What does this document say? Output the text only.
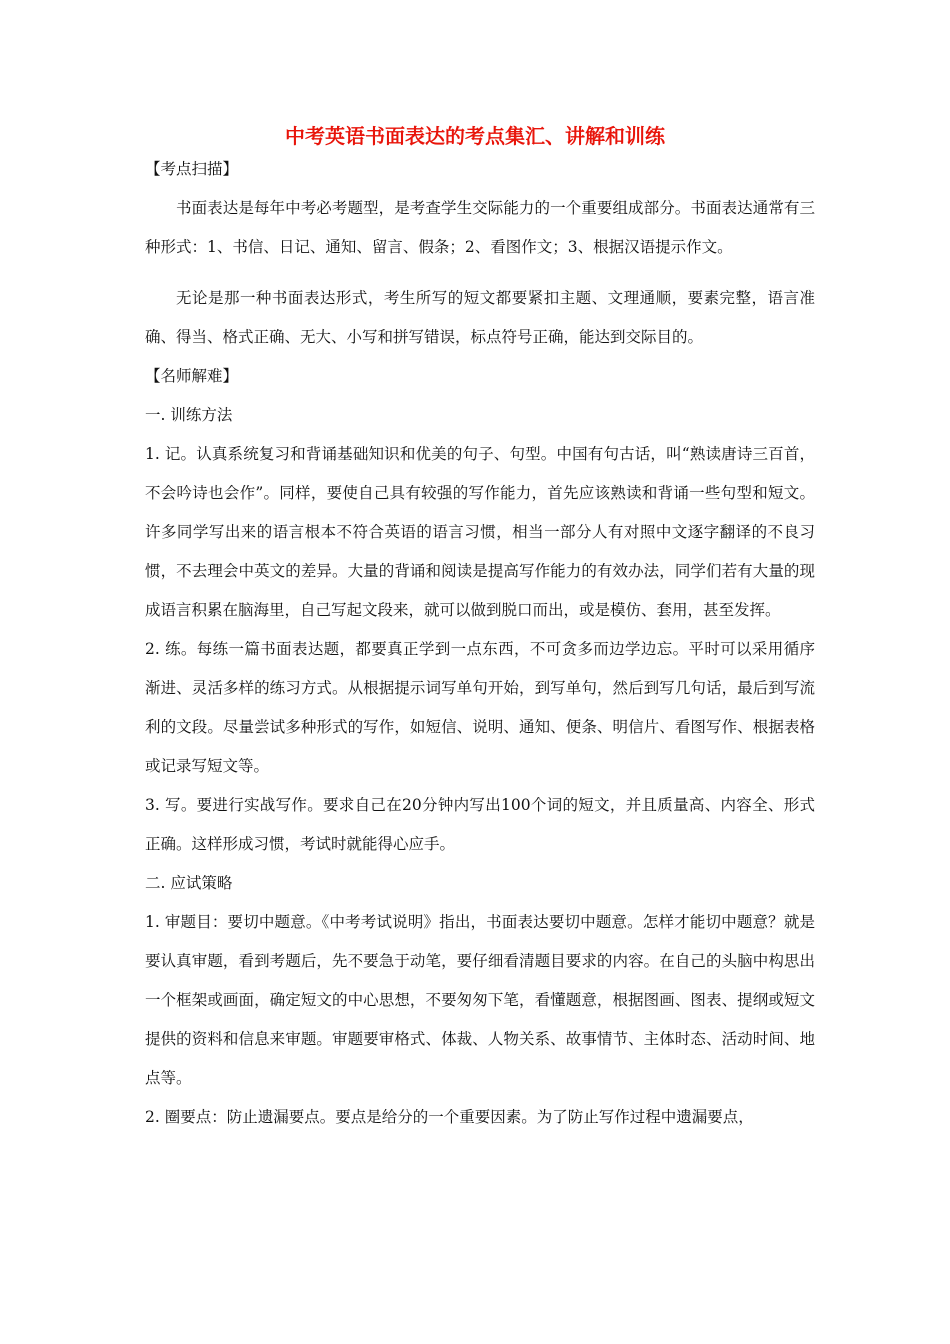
中考英语书面表达的考点集汇、讲解和训练

【考点扫描】

书面表达是每年中考必考题型，是考查学生交际能力的一个重要组成部分。书面表达通常有三种形式：1、书信、日记、通知、留言、假条；2、看图作文；3、根据汉语提示作文。

无论是那一种书面表达形式，考生所写的短文都要紧扣主题、文理通顺，要素完整，语言准确、得当、格式正确、无大、小写和拼写错误，标点符号正确，能达到交际目的。

【名师解难】

一. 训练方法

1. 记。认真系统复习和背诵基础知识和优美的句子、句型。中国有句古话，叫“熟读唐诗三百首，不会吟诗也会作”。同样，要使自己具有较强的写作能力，首先应该熟读和背诵一些句型和短文。许多同学写出来的语言根本不符合英语的语言习惯，相当一部分人有对照中文逐字翻译的不良习惯，不去理会中英文的差异。大量的背诵和阅读是提高写作能力的有效办法，同学们若有大量的现成语言积累在脑海里，自己写起文段来，就可以做到脱口而出，或是模仿、套用，甚至发挥。

2. 练。每练一篇书面表达题，都要真正学到一点东西，不可贪多而边学边忘。平时可以采用循序渐进、灵活多样的练习方式。从根据提示词写单句开始，到写单句，然后到写几句话，最后到写流利的文段。尽量尝试多种形式的写作，如短信、说明、通知、便条、明信片、看图写作、根据表格或记录写短文等。

3. 写。要进行实战写作。要求自己在20分钟内写出100个词的短文，并且质量高、内容全、形式正确。这样形成习惯，考试时就能得心应手。

二. 应试策略

1. 审题目：要切中题意。《中考考试说明》指出，书面表达要切中题意。怎样才能切中题意？就是要认真审题，看到考题后，先不要急于动笔，要仔细看清题目要求的内容。在自己的头脑中构思出一个框架或画面，确定短文的中心思想，不要匆匆下笔，看懂题意，根据图画、图表、提纲或短文提供的资料和信息来审题。审题要审格式、体裁、人物关系、故事情节、主体时态、活动时间、地点等。

2. 圈要点：防止遗漏要点。要点是给分的一个重要因素。为了防止写作过程中遗漏要点，
